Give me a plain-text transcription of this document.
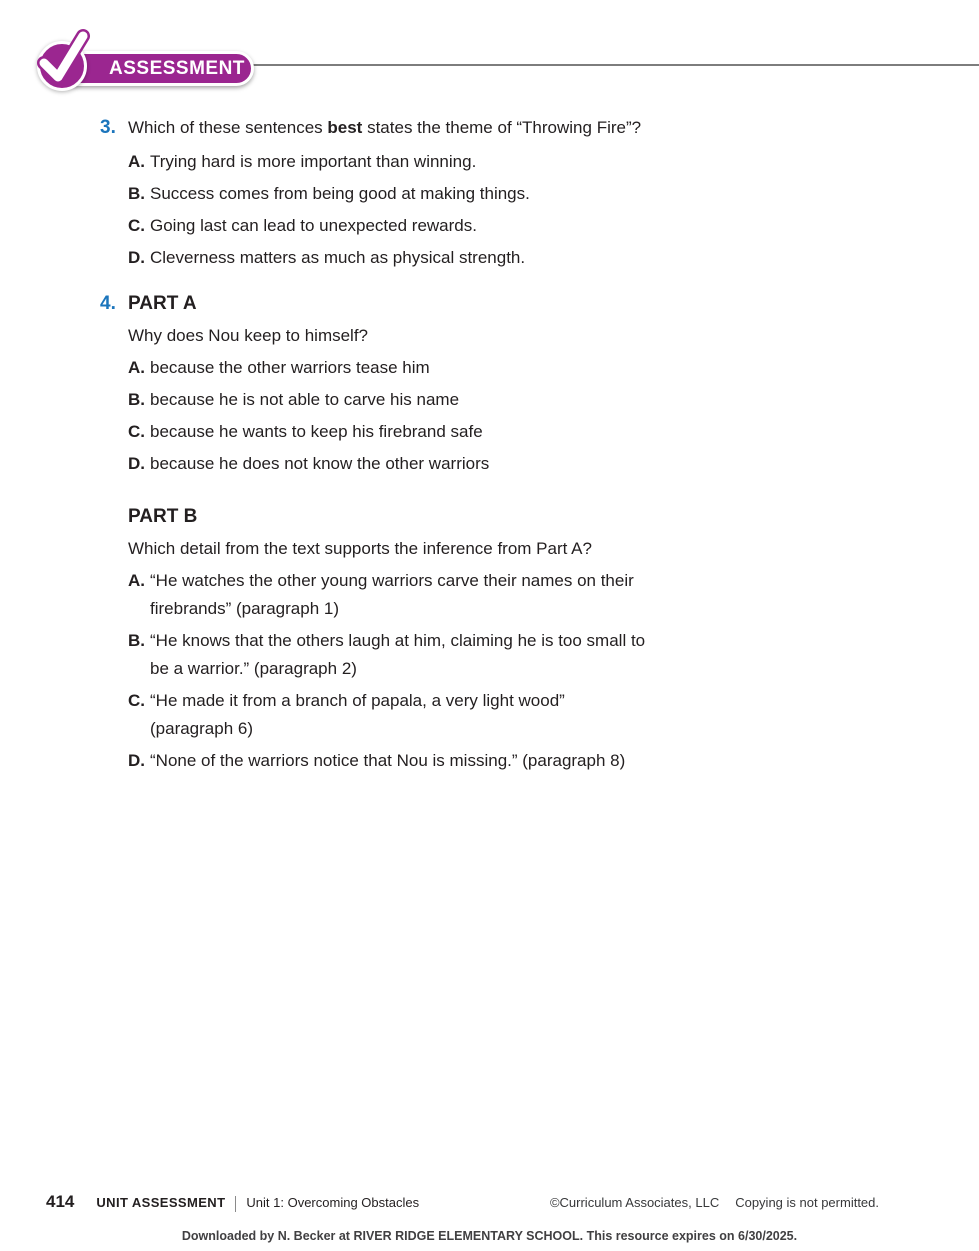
ASSESSMENT
3. Which of these sentences best states the theme of “Throwing Fire”?

A. Trying hard is more important than winning.
B. Success comes from being good at making things.
C. Going last can lead to unexpected rewards.
D. Cleverness matters as much as physical strength.
4. PART A

Why does Nou keep to himself?

A. because the other warriors tease him
B. because he is not able to carve his name
C. because he wants to keep his firebrand safe
D. because he does not know the other warriors
PART B

Which detail from the text supports the inference from Part A?

A. “He watches the other young warriors carve their names on their
firebrands” (paragraph 1)
B. “He knows that the others laugh at him, claiming he is too small to
be a warrior.” (paragraph 2)
C. “He made it from a branch of papala, a very light wood”
(paragraph 6)
D. “None of the warriors notice that Nou is missing.” (paragraph 8)
414 UNIT ASSESSMENT Unit 1: Overcoming Obstacles	©Curriculum Associates, LLC Copying is not permitted.
Downloaded by N. Becker at RIVER RIDGE ELEMENTARY SCHOOL. This resource expires on 6/30/2025.
